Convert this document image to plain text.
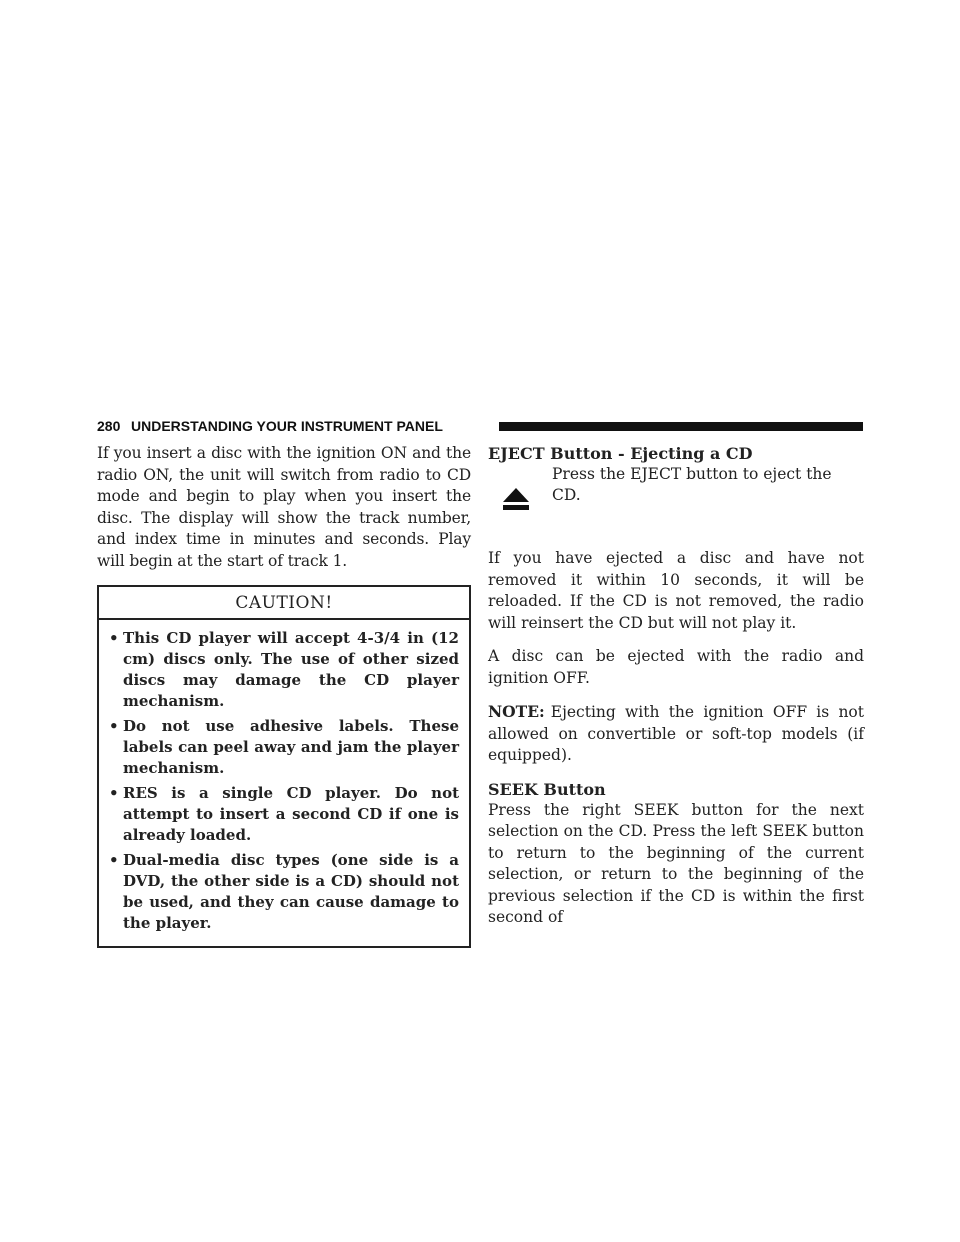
280 UNDERSTANDING YOUR INSTRUMENT PANEL

If you insert a disc with the ignition ON and the radio ON, the unit will switch from radio to CD mode and begin to play when you insert the disc. The display will show the track number, and index time in minutes and seconds. Play will begin at the start of track 1.

CAUTION!
• This CD player will accept 4-3/4 in (12 cm) discs only. The use of other sized discs may damage the CD player mechanism.
• Do not use adhesive labels. These labels can peel away and jam the player mechanism.
• RES is a single CD player. Do not attempt to insert a second CD if one is already loaded.
• Dual-media disc types (one side is a DVD, the other side is a CD) should not be used, and they can cause damage to the player.

EJECT Button - Ejecting a CD

Press the EJECT button to eject the CD.

If you have ejected a disc and have not removed it within 10 seconds, it will be reloaded. If the CD is not removed, the radio will reinsert the CD but will not play it.

A disc can be ejected with the radio and ignition OFF.

NOTE: Ejecting with the ignition OFF is not allowed on convertible or soft-top models (if equipped).

SEEK Button

Press the right SEEK button for the next selection on the CD. Press the left SEEK button to return to the beginning of the current selection, or return to the beginning of the previous selection if the CD is within the first second of
